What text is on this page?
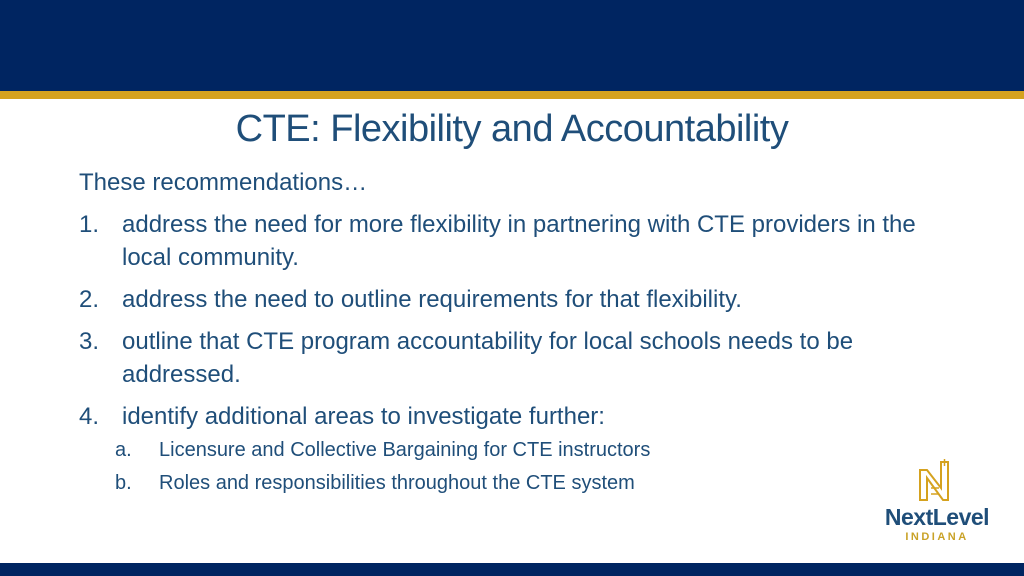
CTE: Flexibility and Accountability
These recommendations…
1. address the need for more flexibility in partnering with CTE providers in the local community.
2. address the need to outline requirements for that flexibility.
3. outline that CTE program accountability for local schools needs to be addressed.
4. identify additional areas to investigate further:
a. Licensure and Collective Bargaining for CTE instructors
b. Roles and responsibilities throughout the CTE system
NextLevel
INDIANA
